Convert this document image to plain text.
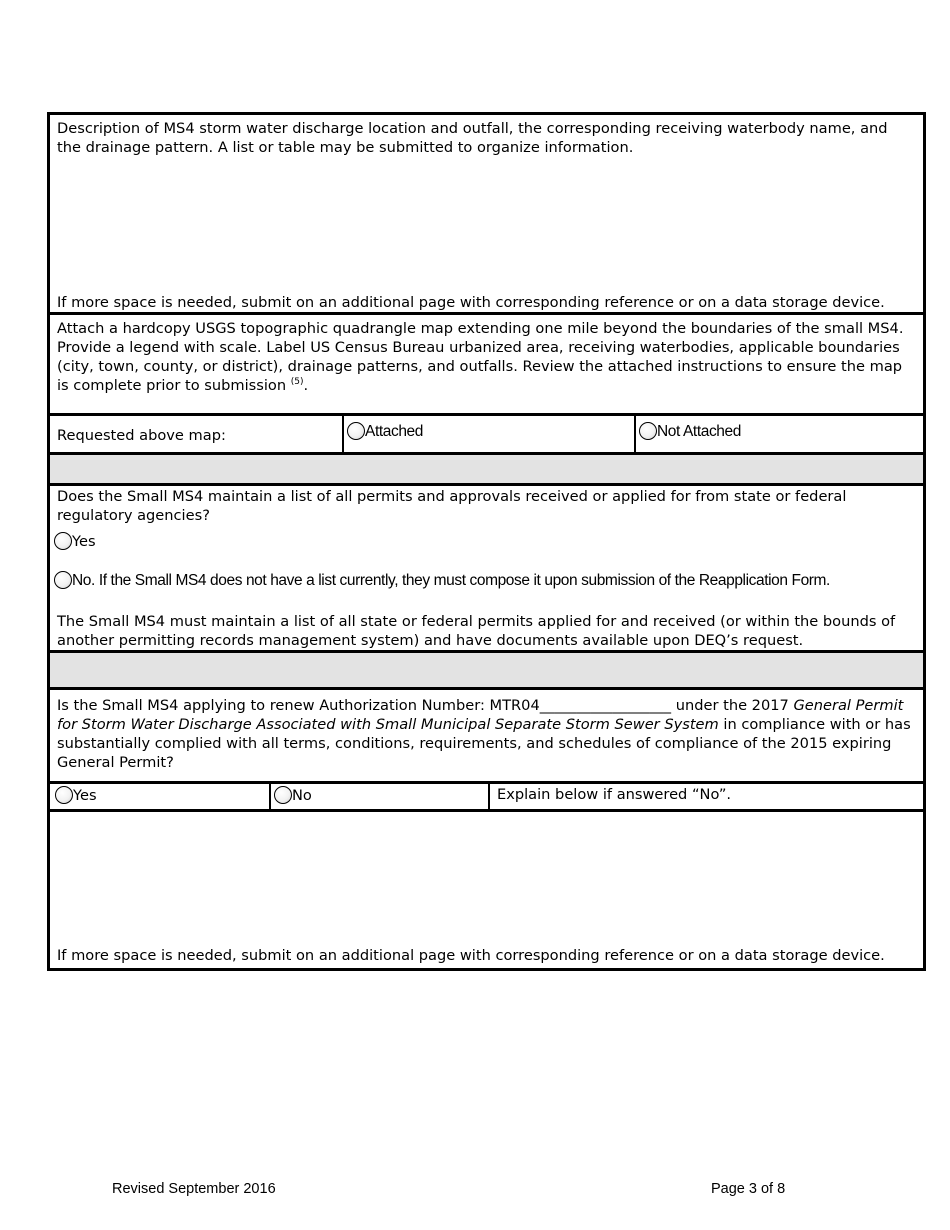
Description of MS4 storm water discharge location and outfall, the corresponding receiving waterbody name, and the drainage pattern. A list or table may be submitted to organize information.
If more space is needed, submit on an additional page with corresponding reference or on a data storage device.
Attach a hardcopy USGS topographic quadrangle map extending one mile beyond the boundaries of the small MS4. Provide a legend with scale. Label US Census Bureau urbanized area, receiving waterbodies, applicable boundaries (city, town, county, or district), drainage patterns, and outfalls. Review the attached instructions to ensure the map is complete prior to submission $^{(5)}$.
Requested above map:	Attached	Not Attached
Does the Small MS4 maintain a list of all permits and approvals received or applied for from state or federal regulatory agencies?
Yes
No. If the Small MS4 does not have a list currently, they must compose it upon submission of the Reapplication Form.
The Small MS4 must maintain a list of all state or federal permits applied for and received (or within the bounds of another permitting records management system) and have documents available upon DEQ’s request.
Is the Small MS4 applying to renew Authorization Number: MTR04__________________ under the 2017 General Permit for Storm Water Discharge Associated with Small Municipal Separate Storm Sewer System in compliance with or has substantially complied with all terms, conditions, requirements, and schedules of compliance of the 2015 expiring General Permit?
Yes	No	Explain below if answered “No”.
If more space is needed, submit on an additional page with corresponding reference or on a data storage device.
Revised September 2016	Page 3 of 8
